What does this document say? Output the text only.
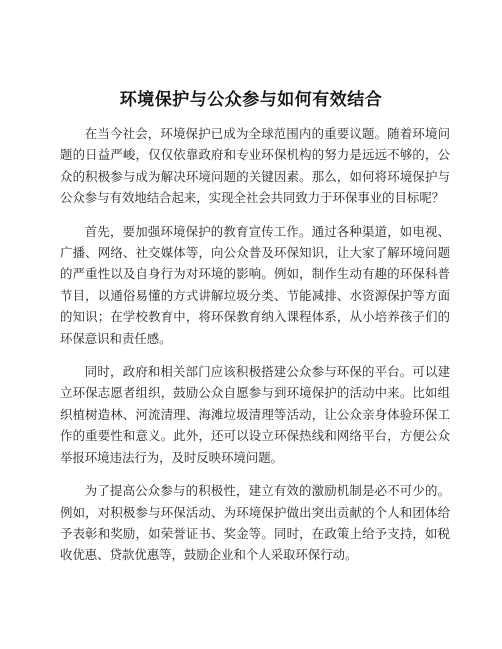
环境保护与公众参与如何有效结合

在当今社会，环境保护已成为全球范围内的重要议题。随着环境问题的日益严峻，仅仅依靠政府和专业环保机构的努力是远远不够的，公众的积极参与成为解决环境问题的关键因素。那么，如何将环境保护与公众参与有效地结合起来，实现全社会共同致力于环保事业的目标呢？

首先，要加强环境保护的教育宣传工作。通过各种渠道，如电视、广播、网络、社交媒体等，向公众普及环保知识，让大家了解环境问题的严重性以及自身行为对环境的影响。例如，制作生动有趣的环保科普节目，以通俗易懂的方式讲解垃圾分类、节能减排、水资源保护等方面的知识；在学校教育中，将环保教育纳入课程体系，从小培养孩子们的环保意识和责任感。

同时，政府和相关部门应该积极搭建公众参与环保的平台。可以建立环保志愿者组织，鼓励公众自愿参与到环境保护的活动中来。比如组织植树造林、河流清理、海滩垃圾清理等活动，让公众亲身体验环保工作的重要性和意义。此外，还可以设立环保热线和网络平台，方便公众举报环境违法行为，及时反映环境问题。

为了提高公众参与的积极性，建立有效的激励机制是必不可少的。例如，对积极参与环保活动、为环境保护做出突出贡献的个人和团体给予表彰和奖励，如荣誉证书、奖金等。同时，在政策上给予支持，如税收优惠、贷款优惠等，鼓励企业和个人采取环保行动。
